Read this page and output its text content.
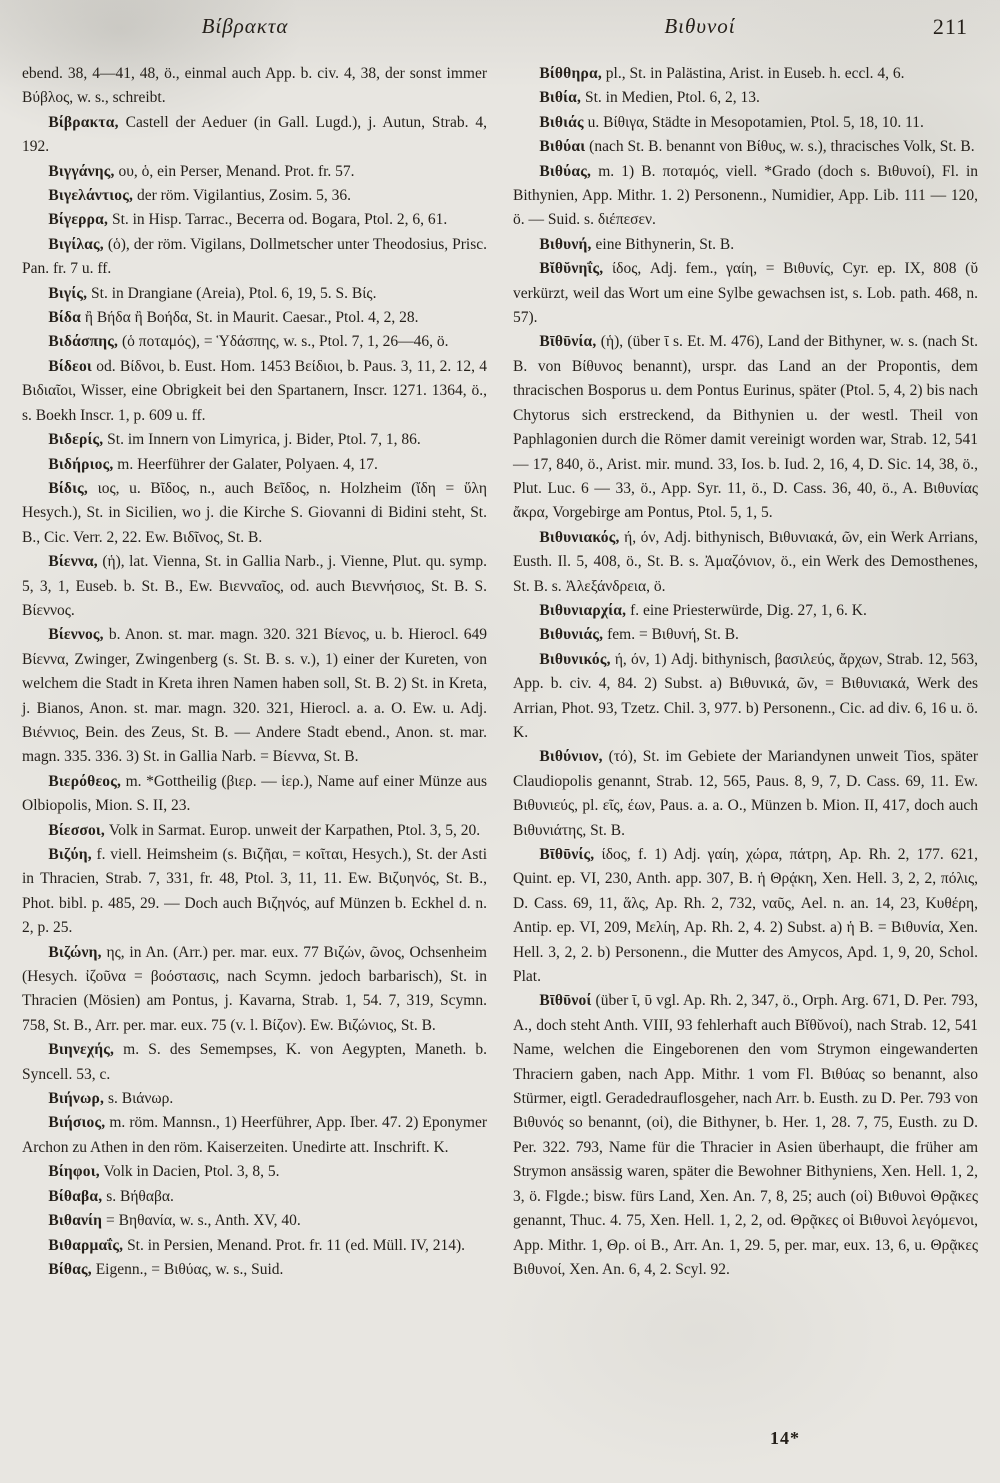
Βίβρακτα	Βιθυνοί	211

ebend. 38, 4—41, 48, ö., einmal auch App. b. civ. 4, 38, der sonst immer Βύβλος, w. s., schreibt.

Βίβρακτα, Castell der Aeduer (in Gall. Lugd.), j. Autun, Strab. 4, 192.

Βιγγάνης, ου, ὁ, ein Perser, Menand. Prot. fr. 57.

Βιγελάντιος, der röm. Vigilantius, Zosim. 5, 36.

Βίγερρα, St. in Hisp. Tarrac., Becerra od. Bogara, Ptol. 2, 6, 61.

Βιγίλας, (ὁ), der röm. Vigilans, Dollmetscher unter Theodosius, Prisc. Pan. fr. 7 u. ff.

Βιγίς, St. in Drangiane (Areia), Ptol. 6, 19, 5. S. Βίς.

Βίδα ἢ Βήδα ἢ Βοήδα, St. in Maurit. Caesar., Ptol. 4, 2, 28.

Βιδάσπης, (ὁ ποταμός), = Ὑδάσπης, w. s., Ptol. 7, 1, 26—46, ö.

Βίδεοι od. Βίδνοι, b. Eust. Hom. 1453 Βείδιοι, b. Paus. 3, 11, 2. 12, 4 Βιδιαῖοι, Wisser, eine Obrigkeit bei den Spartanern, Inscr. 1271. 1364, ö., s. Boekh Inscr. 1, p. 609 u. ff.

Βιδερίς, St. im Innern von Limyrica, j. Bider, Ptol. 7, 1, 86.

Βιδήριος, m. Heerführer der Galater, Polyaen. 4, 17.

Βίδις, ιος, u. Βῖδος, n., auch Βεῖδος, n. Holzheim (ἴδη = ὕλη Hesych.), St. in Sicilien, wo j. die Kirche S. Giovanni di Bidini steht, St. B., Cic. Verr. 2, 22. Ew. Βιδῖνος, St. B.

Βίεννα, (ἡ), lat. Vienna, St. in Gallia Narb., j. Vienne, Plut. qu. symp. 5, 3, 1, Euseb. b. St. B., Ew. Βιενναῖος, od. auch Βιεννήσιος, St. B. S. Βίεννος.

Βίεννος, b. Anon. st. mar. magn. 320. 321 Βίενος, u. b. Hierocl. 649 Βίεννα, Zwinger, Zwingenberg (s. St. B. s. v.), 1) einer der Kureten, von welchem die Stadt in Kreta ihren Namen haben soll, St. B. 2) St. in Kreta, j. Bianos, Anon. st. mar. magn. 320. 321, Hierocl. a. a. O. Ew. u. Adj. Βιέννιος, Bein. des Zeus, St. B. — Andere Stadt ebend., Anon. st. mar. magn. 335. 336. 3) St. in Gallia Narb. = Βίεννα, St. B.

Βιερόθεος, m. *Gottheilig (βιερ. — ἱερ.), Name auf einer Münze aus Olbiopolis, Mion. S. II, 23.

Βίεσσοι, Volk in Sarmat. Europ. unweit der Karpathen, Ptol. 3, 5, 20.

Βιζύη, f. viell. Heimsheim (s. Βιζῆαι, = κοῖται, Hesych.), St. der Asti in Thracien, Strab. 7, 331, fr. 48, Ptol. 3, 11, 11. Ew. Βιζυηνός, St. B., Phot. bibl. p. 485, 29. — Doch auch Βιζηνός, auf Münzen b. Eckhel d. n. 2, p. 25.

Βιζώνη, ης, in An. (Arr.) per. mar. eux. 77 Βιζών, ῶνος, Ochsenheim (Hesych. ἰζοῦνα = βοόστασις, nach Scymn. jedoch barbarisch), St. in Thracien (Mösien) am Pontus, j. Kavarna, Strab. 1, 54. 7, 319, Scymn. 758, St. B., Arr. per. mar. eux. 75 (v. l. Βίζον). Ew. Βιζώνιος, St. B.

Βιηνεχής, m. S. des Semempses, K. von Aegypten, Maneth. b. Syncell. 53, c.

Βιήνωρ, s. Βιάνωρ.

Βιήσιος, m. röm. Mannsn., 1) Heerführer, App. Iber. 47. 2) Eponymer Archon zu Athen in den röm. Kaiserzeiten. Unedirte att. Inschrift. K.

Βίηφοι, Volk in Dacien, Ptol. 3, 8, 5.

Βίθαβα, s. Βήθαβα.

Βιθανίη = Βηθανία, w. s., Anth. XV, 40.

Βιθαρμαΐς, St. in Persien, Menand. Prot. fr. 11 (ed. Müll. IV, 214).

Βίθας, Eigenn., = Βιθύας, w. s., Suid.

Βίθθηρα, pl., St. in Palästina, Arist. in Euseb. h. eccl. 4, 6.

Βιθία, St. in Medien, Ptol. 6, 2, 13.

Βιθιάς u. Βίθιγα, Städte in Mesopotamien, Ptol. 5, 18, 10. 11.

Βιθύαι (nach St. B. benannt von Βίθυς, w. s.), thracisches Volk, St. B.

Βιθύας, m. 1) Β. ποταμός, viell. *Grado (doch s. Βιθυνοί), Fl. in Bithynien, App. Mithr. 1. 2) Personenn., Numidier, App. Lib. 111 — 120, ö. — Suid. s. διέπεσεν.

Βιθυνή, eine Bithynerin, St. B.

Βῐθῠνηΐς, ίδος, Adj. fem., γαίη, = Βιθυνίς, Cyr. ep. IX, 808 (ῠ verkürzt, weil das Wort um eine Sylbe gewachsen ist, s. Lob. path. 468, n. 57).

Βῑθῡνία, (ἡ), (über ῑ s. Et. M. 476), Land der Bithyner, w. s. (nach St. B. von Βίθυνος benannt), urspr. das Land an der Propontis, dem thracischen Bosporus u. dem Pontus Eurinus, später (Ptol. 5, 4, 2) bis nach Chytorus sich erstreckend, da Bithynien u. der westl. Theil von Paphlagonien durch die Römer damit vereinigt worden war, Strab. 12, 541 — 17, 840, ö., Arist. mir. mund. 33, Ios. b. Iud. 2, 16, 4, D. Sic. 14, 38, ö., Plut. Luc. 6 — 33, ö., App. Syr. 11, ö., D. Cass. 36, 40, ö., A. Βιθυνίας ἄκρα, Vorgebirge am Pontus, Ptol. 5, 1, 5.

Βιθυνιακός, ή, όν, Adj. bithynisch, Βιθυνιακά, ῶν, ein Werk Arrians, Eusth. Il. 5, 408, ö., St. B. s. Ἀμαζόνιον, ö., ein Werk des Demosthenes, St. B. s. Ἀλεξάνδρεια, ö.

Βιθυνιαρχία, f. eine Priesterwürde, Dig. 27, 1, 6. K.

Βιθυνιάς, fem. = Βιθυνή, St. B.

Βιθυνικός, ή, όν, 1) Adj. bithynisch, βασιλεύς, ἄρχων, Strab. 12, 563, App. b. civ. 4, 84. 2) Subst. a) Βιθυνικά, ῶν, = Βιθυνιακά, Werk des Arrian, Phot. 93, Tzetz. Chil. 3, 977. b) Personenn., Cic. ad div. 6, 16 u. ö. K.

Βιθύνιον, (τό), St. im Gebiete der Mariandynen unweit Tios, später Claudiopolis genannt, Strab. 12, 565, Paus. 8, 9, 7, D. Cass. 69, 11. Ew. Βιθυνιεύς, pl. εῖς, έων, Paus. a. a. O., Münzen b. Mion. II, 417, doch auch Βιθυνιάτης, St. B.

Βῑθῡνίς, ίδος, f. 1) Adj. γαίη, χώρα, πάτρη, Ap. Rh. 2, 177. 621, Quint. ep. VI, 230, Anth. app. 307, Β. ἡ Θρᾴκη, Xen. Hell. 3, 2, 2, πόλις, D. Cass. 69, 11, ἅλς, Ap. Rh. 2, 732, ναῦς, Ael. n. an. 14, 23, Κυθέρη, Antip. ep. VI, 209, Μελίη, Ap. Rh. 2, 4. 2) Subst. a) ἡ Β. = Βιθυνία, Xen. Hell. 3, 2, 2. b) Personenn., die Mutter des Amycos, Apd. 1, 9, 20, Schol. Plat.

Βῑθῡνοί (über ῑ, ῡ vgl. Ap. Rh. 2, 347, ö., Orph. Arg. 671, D. Per. 793, A., doch steht Anth. VIII, 93 fehlerhaft auch Βῐθῠνοί), nach Strab. 12, 541 Name, welchen die Eingeborenen den vom Strymon eingewanderten Thraciern gaben, nach App. Mithr. 1 vom Fl. Βιθύας so benannt, also Stürmer, eigtl. Geradedrauflosgeher, nach Arr. b. Eusth. zu D. Per. 793 von Βιθυνός so benannt, (οἱ), die Bithyner, b. Her. 1, 28. 7, 75, Eusth. zu D. Per. 322. 793, Name für die Thracier in Asien überhaupt, die früher am Strymon ansässig waren, später die Bewohner Bithyniens, Xen. Hell. 1, 2, 3, ö. Flgde.; bisw. fürs Land, Xen. An. 7, 8, 25; auch (οἱ) Βιθυνοὶ Θρᾷκες genannt, Thuc. 4. 75, Xen. Hell. 1, 2, 2, od. Θρᾷκες οἱ Βιθυνοὶ λεγόμενοι, App. Mithr. 1, Θρ. οἱ Β., Arr. An. 1, 29. 5, per. mar, eux. 13, 6, u. Θρᾷκες Βιθυνοί, Xen. An. 6, 4, 2. Scyl. 92.

14*
